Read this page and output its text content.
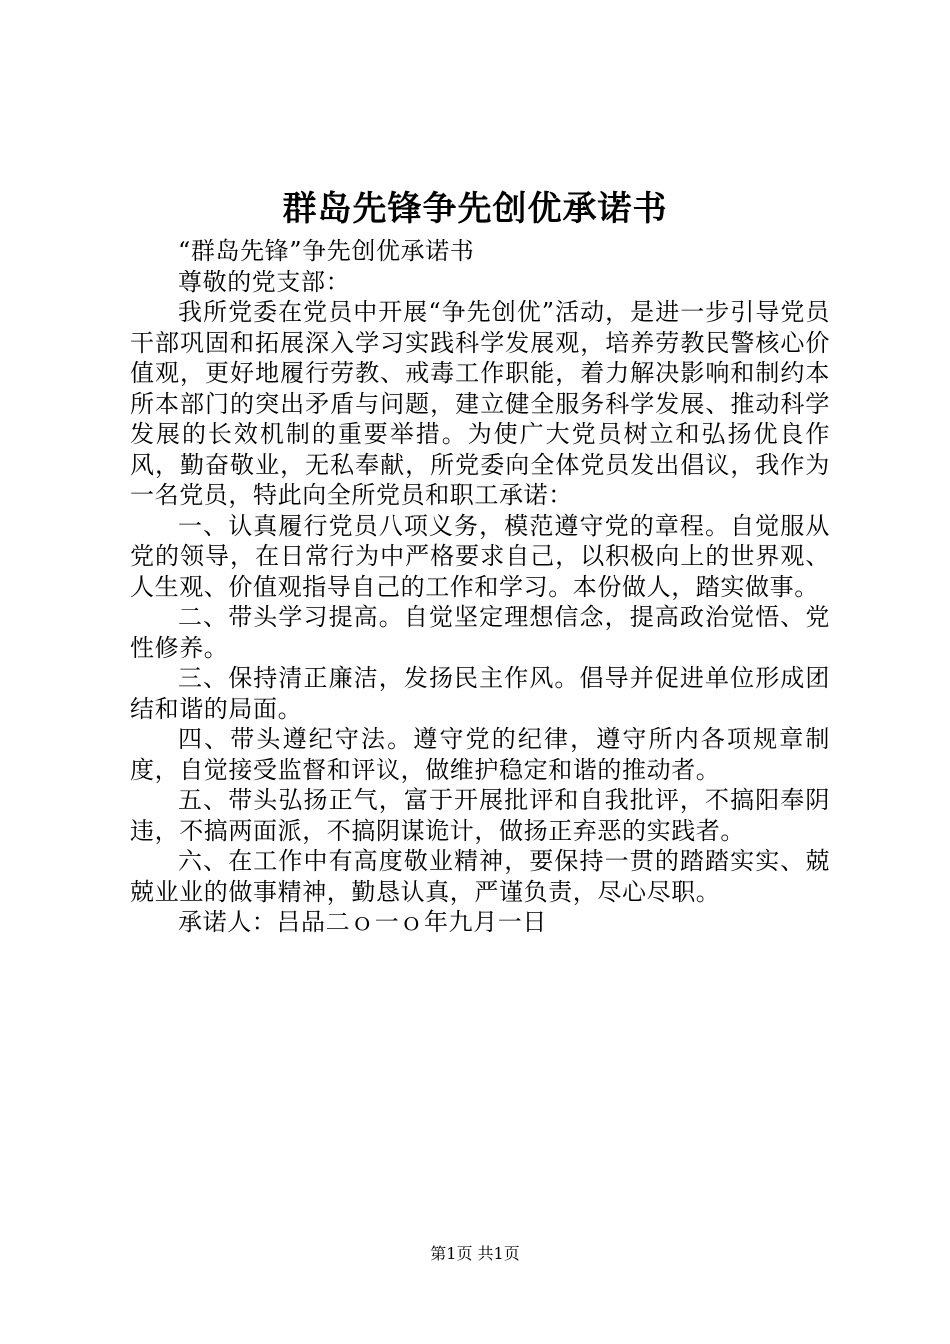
群岛先锋争先创优承诺书

“群岛先锋”争先创优承诺书

尊敬的党支部：

我所党委在党员中开展“争先创优”活动，是进一步引导党员干部巩固和拓展深入学习实践科学发展观，培养劳教民警核心价值观，更好地履行劳教、戒毒工作职能，着力解决影响和制约本所本部门的突出矛盾与问题，建立健全服务科学发展、推动科学发展的长效机制的重要举措。为使广大党员树立和弘扬优良作风，勤奋敬业，无私奉献，所党委向全体党员发出倡议，我作为一名党员，特此向全所党员和职工承诺：

一、认真履行党员八项义务，模范遵守党的章程。自觉服从党的领导，在日常行为中严格要求自己，以积极向上的世界观、人生观、价值观指导自己的工作和学习。本份做人，踏实做事。

二、带头学习提高。自觉坚定理想信念，提高政治觉悟、党性修养。

三、保持清正廉洁，发扬民主作风。倡导并促进单位形成团结和谐的局面。

四、带头遵纪守法。遵守党的纪律，遵守所内各项规章制度，自觉接受监督和评议，做维护稳定和谐的推动者。

五、带头弘扬正气，富于开展批评和自我批评，不搞阳奉阴违，不搞两面派，不搞阴谋诡计，做扬正弃恶的实践者。

六、在工作中有高度敬业精神，要保持一贯的踏踏实实、兢兢业业的做事精神，勤恳认真，严谨负责，尽心尽职。

承诺人：吕品二ｏ一ｏ年九月一日

第1页 共1页
